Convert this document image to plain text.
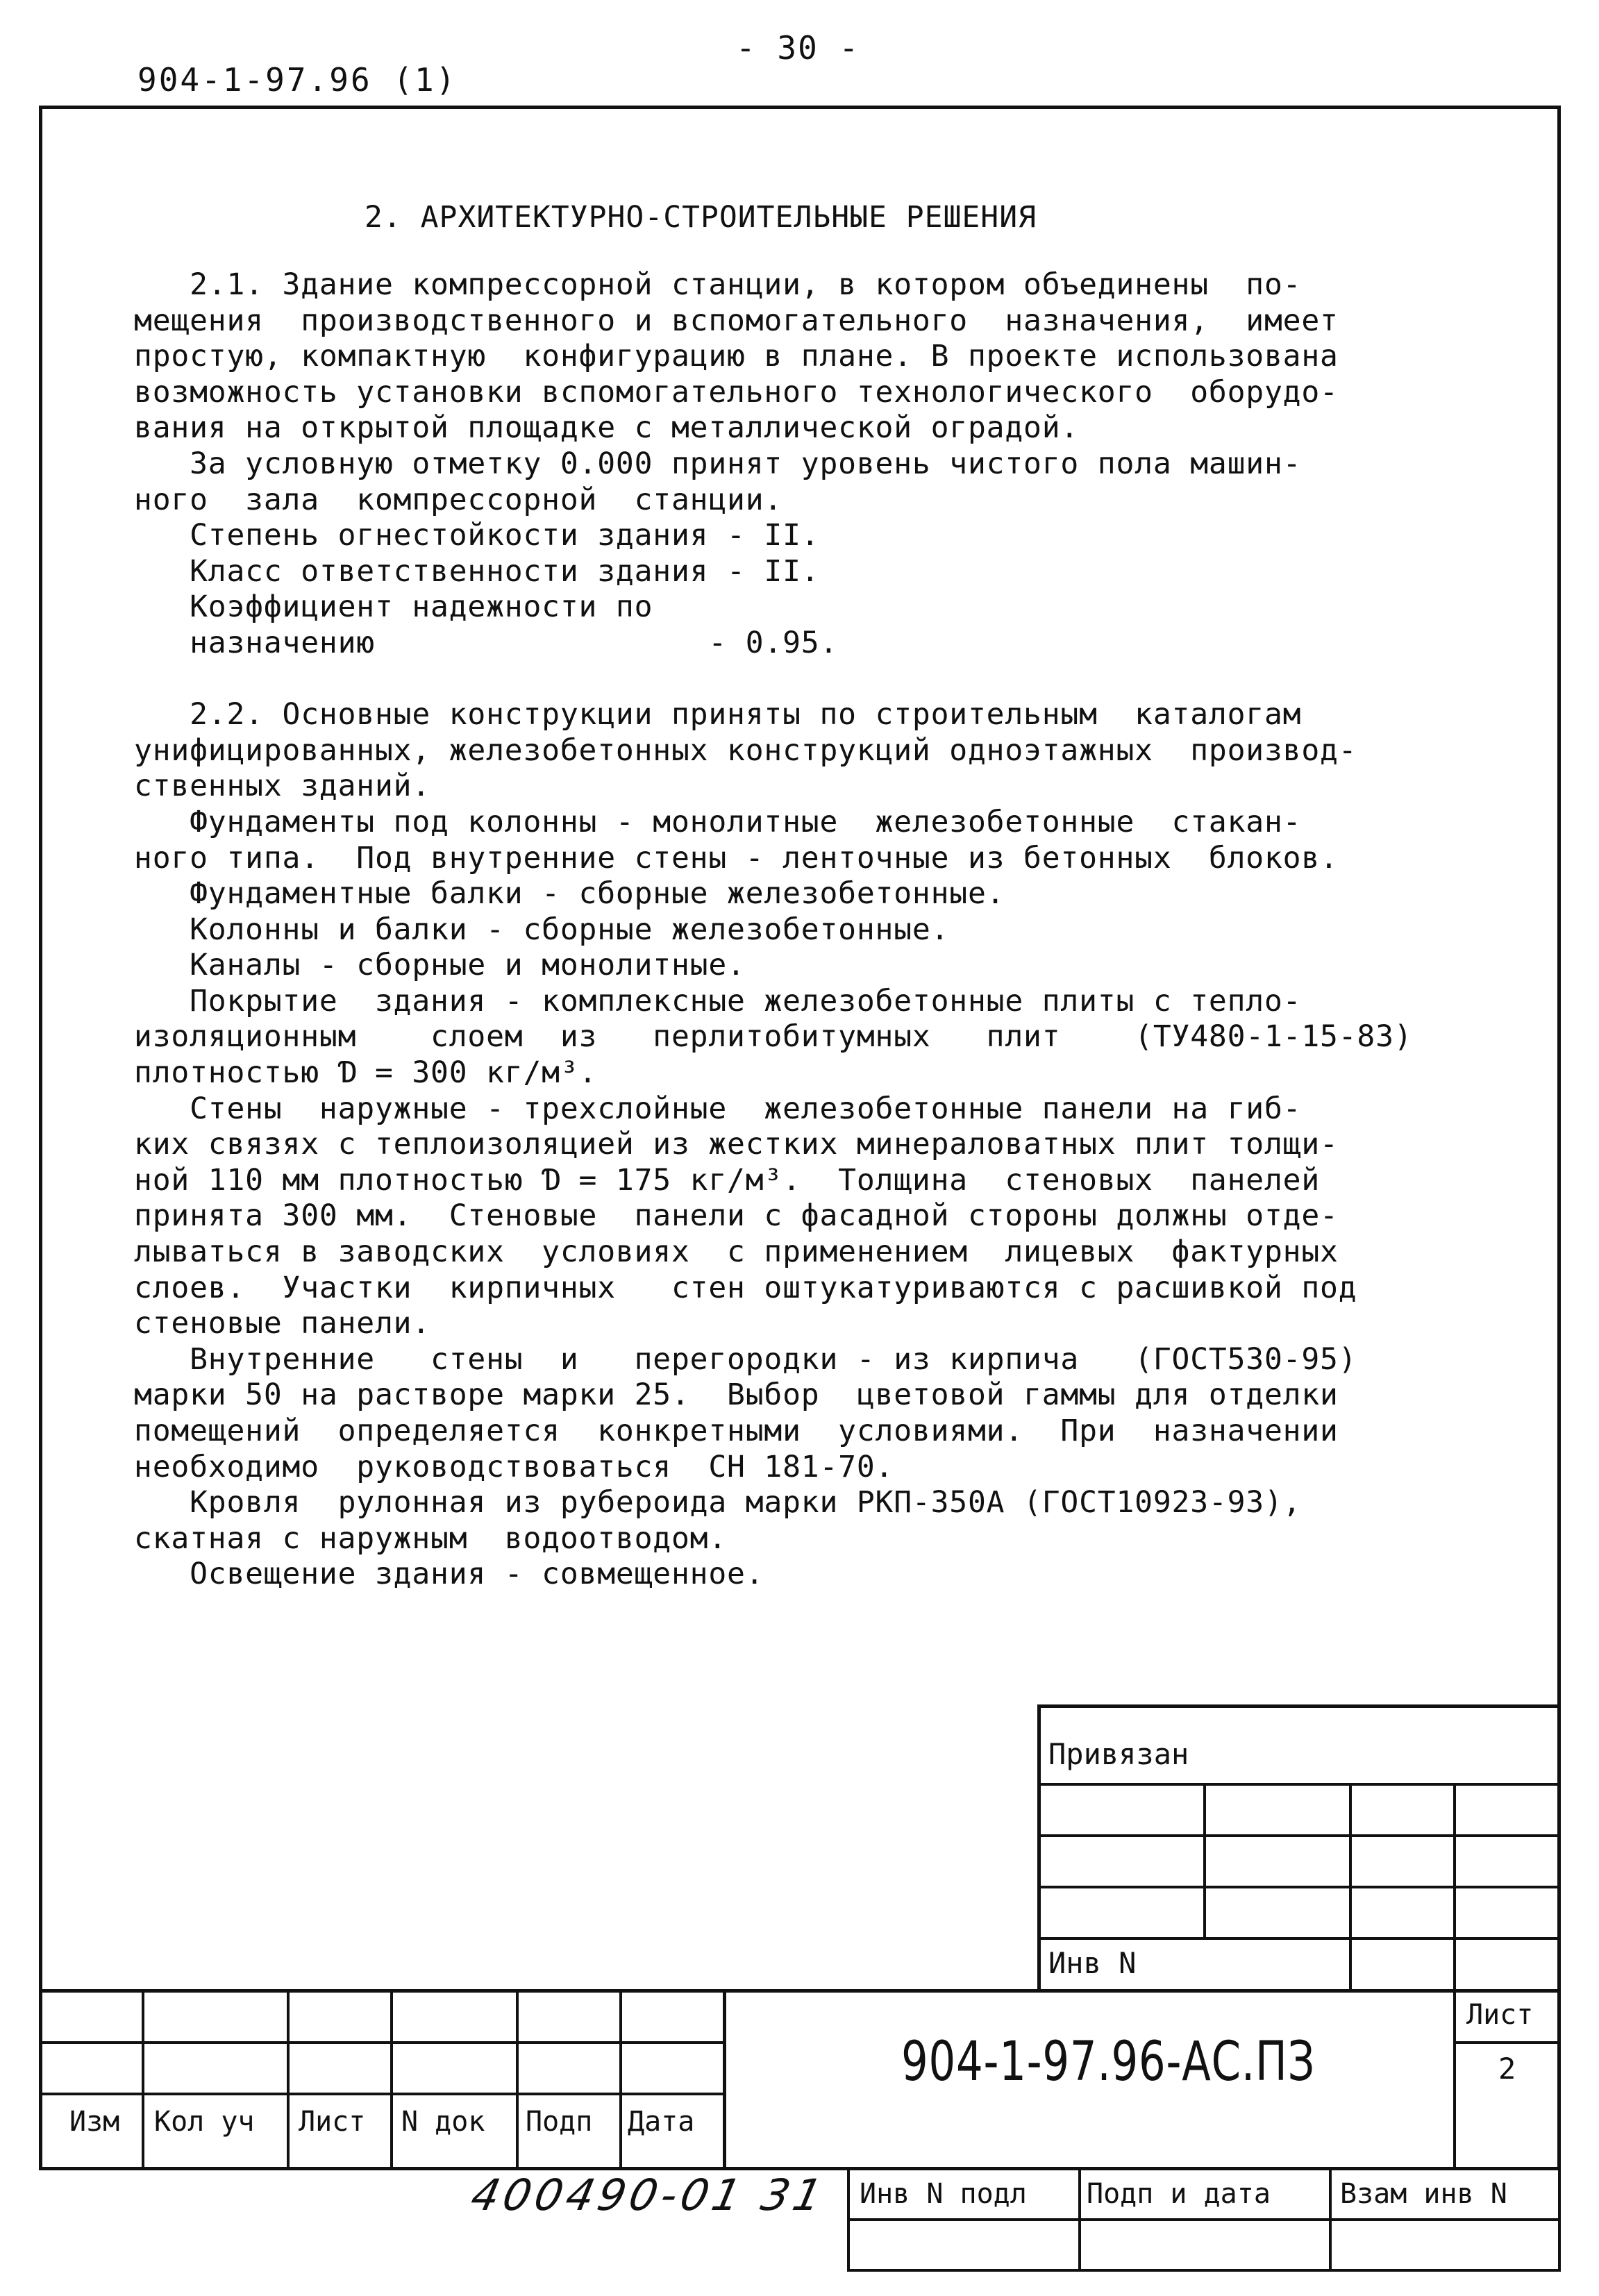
- 30 -
904-1-97.96 (1)
2. АРХИТЕКТУРНО-СТРОИТЕЛЬНЫЕ РЕШЕНИЯ

2.1. Здание компрессорной станции, в котором объединены  по-

мещения  производственного и вспомогательного  назначения,  имеет

простую, компактную  конфигурацию в плане. В проекте использована

возможность установки вспомогательного технологического  оборудо-

вания на открытой площадке с металлической оградой.

За условную отметку 0.000 принят уровень чистого пола машин-

ного  зала  компрессорной  станции.

Степень огнестойкости здания - II.

Класс ответственности здания - II.

Коэффициент надежности по

назначению                  - 0.95.

2.2. Основные конструкции приняты по строительным  каталогам

унифицированных, железобетонных конструкций одноэтажных  производ-

ственных зданий.

Фундаменты под колонны - монолитные  железобетонные  стакан-

ного типа.  Под внутренние стены - ленточные из бетонных  блоков.

Фундаментные балки - сборные железобетонные.

Колонны и балки - сборные железобетонные.

Каналы - сборные и монолитные.

Покрытие  здания - комплексные железобетонные плиты с тепло-

изоляционным    слоем  из   перлитобитумных   плит    (ТУ480-1-15-83)

плотностью Ɗ = 300 кг/м³.

Стены  наружные - трехслойные  железобетонные панели на гиб-

ких связях с теплоизоляцией из жестких минераловатных плит толщи-

ной 110 мм плотностью Ɗ = 175 кг/м³.  Толщина  стеновых  панелей

принята 300 мм.  Стеновые  панели с фасадной стороны должны отде-

лываться в заводских  условиях  с применением  лицевых  фактурных

слоев.  Участки  кирпичных   стен оштукатуриваются с расшивкой под

стеновые панели.

Внутренние   стены  и   перегородки - из кирпича   (ГОСТ530-95)

марки 50 на растворе марки 25.  Выбор  цветовой гаммы для отделки

помещений  определяется  конкретными  условиями.  При  назначении

необходимо  руководствоваться  СН 181-70.

Кровля  рулонная из рубероида марки РКП-350А (ГОСТ10923-93),

скатная с наружным  водоотводом.

Освещение здания - совмещенное.

Привязан
Инв N
Изм Кол уч Лист N док Подп Дата
904-1-97.96-АС.ПЗ
Лист
2
400490-01 31 Инв N подл Подп и дата	Взам инв N
